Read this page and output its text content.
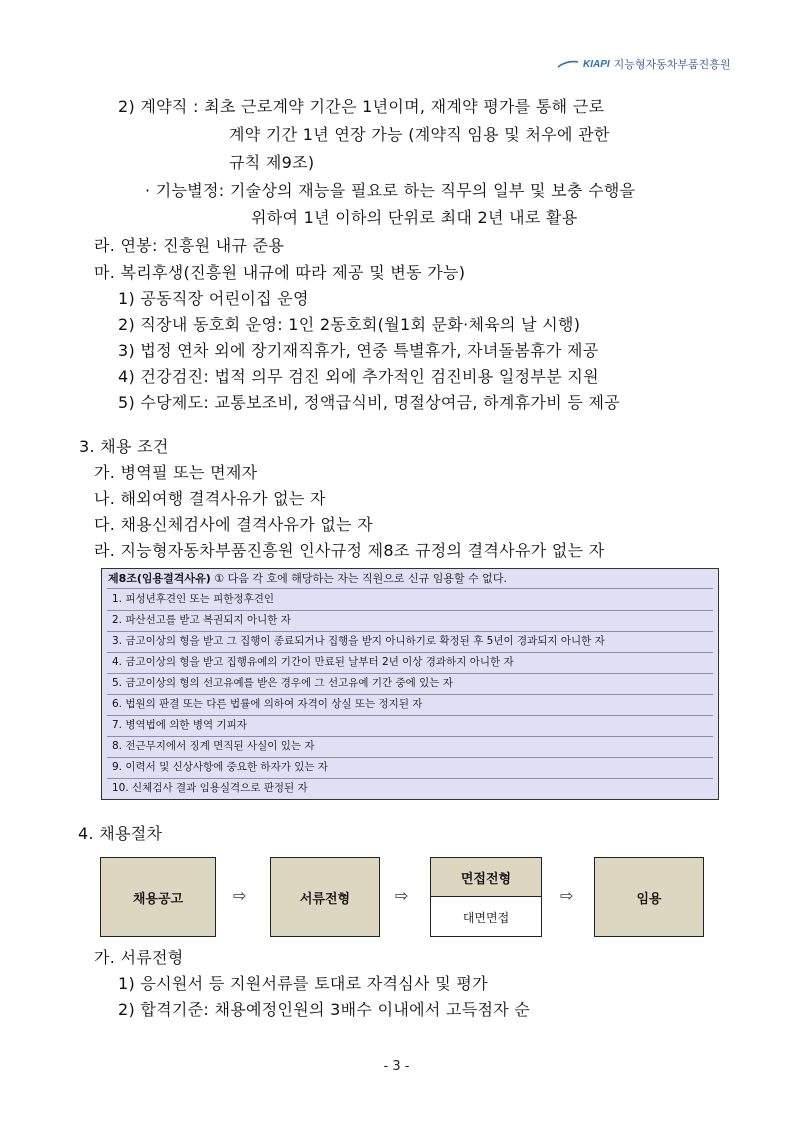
KIAPI 지능형자동차부품진흥원
2) 계약직 : 최초 근로계약 기간은 1년이며, 재계약 평가를 통해 근로
계약 기간 1년 연장 가능 (계약직 임용 및 처우에 관한
규칙 제9조)
· 기능별정: 기술상의 재능을 필요로 하는 직무의 일부 및 보충 수행을
위하여 1년 이하의 단위로 최대 2년 내로 활용
라. 연봉: 진흥원 내규 준용
마. 복리후생(진흥원 내규에 따라 제공 및 변동 가능)
1) 공동직장 어린이집 운영
2) 직장내 동호회 운영: 1인 2동호회(월1회 문화·체육의 날 시행)
3) 법정 연차 외에 장기재직휴가, 연중 특별휴가, 자녀돌봄휴가 제공
4) 건강검진: 법적 의무 검진 외에 추가적인 검진비용 일정부분 지원
5) 수당제도: 교통보조비, 정액급식비, 명절상여금, 하계휴가비 등 제공
3. 채용 조건
가. 병역필 또는 면제자
나. 해외여행 결격사유가 없는 자
다. 채용신체검사에 결격사유가 없는 자
라. 지능형자동차부품진흥원 인사규정 제8조 규정의 결격사유가 없는 자
제8조(임용결격사유) ① 다음 각 호에 해당하는 자는 직원으로 신규 임용할 수 없다.
1. 피성년후견인 또는 피한정후견인
2. 파산선고를 받고 복권되지 아니한 자
3. 금고이상의 형을 받고 그 집행이 종료되거나 집행을 받지 아니하기로 확정된 후 5년이 경과되지 아니한 자
4. 금고이상의 형을 받고 집행유예의 기간이 만료된 날부터 2년 이상 경과하지 아니한 자
5. 금고이상의 형의 선고유예를 받은 경우에 그 선고유예 기간 중에 있는 자
6. 법원의 판결 또는 다른 법률에 의하여 자격이 상실 또는 정지된 자
7. 병역법에 의한 병역 기피자
8. 전근무지에서 징계 면직된 사실이 있는 자
9. 이력서 및 신상사항에 중요한 하자가 있는 자
10. 신체검사 결과 임용실격으로 판정된 자
4. 채용절차
채용공고	⇨	서류전형	⇨
면접전형
대면면접
⇨	임용
가. 서류전형
1) 응시원서 등 지원서류를 토대로 자격심사 및 평가
2) 합격기준: 채용예정인원의 3배수 이내에서 고득점자 순
- 3 -
